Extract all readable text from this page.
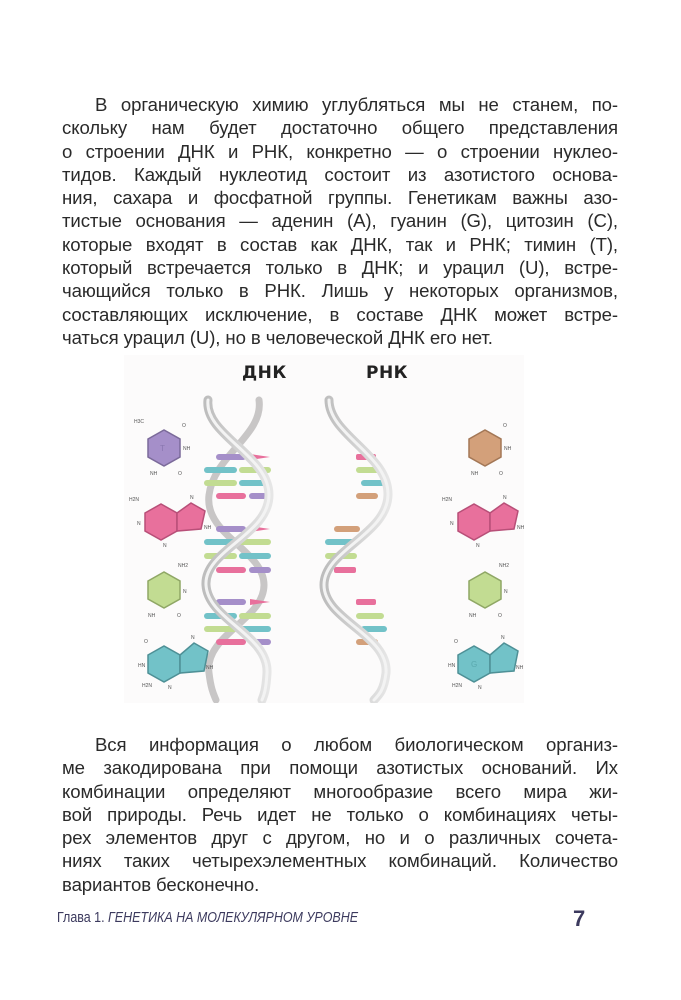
В органическую химию углубляться мы не станем, по-
скольку нам будет достаточно общего представления
о строении ДНК и РНК, конкретно — о строении нуклео-
тидов. Каждый нуклеотид состоит из азотистого основа-
ния, сахара и фосфатной группы. Генетикам важны азо-
тистые основания — аденин (A), гуанин (G), цитозин (C),
которые входят в состав как ДНК, так и РНК; тимин (T),
который встречается только в ДНК; и урацил (U), встре-
чающийся только в РНК. Лишь у некоторых организмов,
составляющих исключение, в составе ДНК может встре-
чаться урацил (U), но в человеческой ДНК его нет.
ДНК	РНК
T
H3C
O
NH
NH	O
H2N	N
N
NH
N
NH2
N
NH	O
O
N
HN	NH
H2N	N
O
NH
NH	O
H2N	N
N
NH
N
NH2
N
NH	O
G
O
N
HN	NH
H2N	N
Вся информация о любом биологическом организ-
ме закодирована при помощи азотистых оснований. Их
комбинации определяют многообразие всего мира жи-
вой природы. Речь идет не только о комбинациях четы-
рех элементов друг с другом, но и о различных сочета-
ниях таких четырехэлементных комбинаций. Количество
вариантов бесконечно.
Глава 1. ГЕНЕТИКА НА МОЛЕКУЛЯРНОМ УРОВНЕ	7
